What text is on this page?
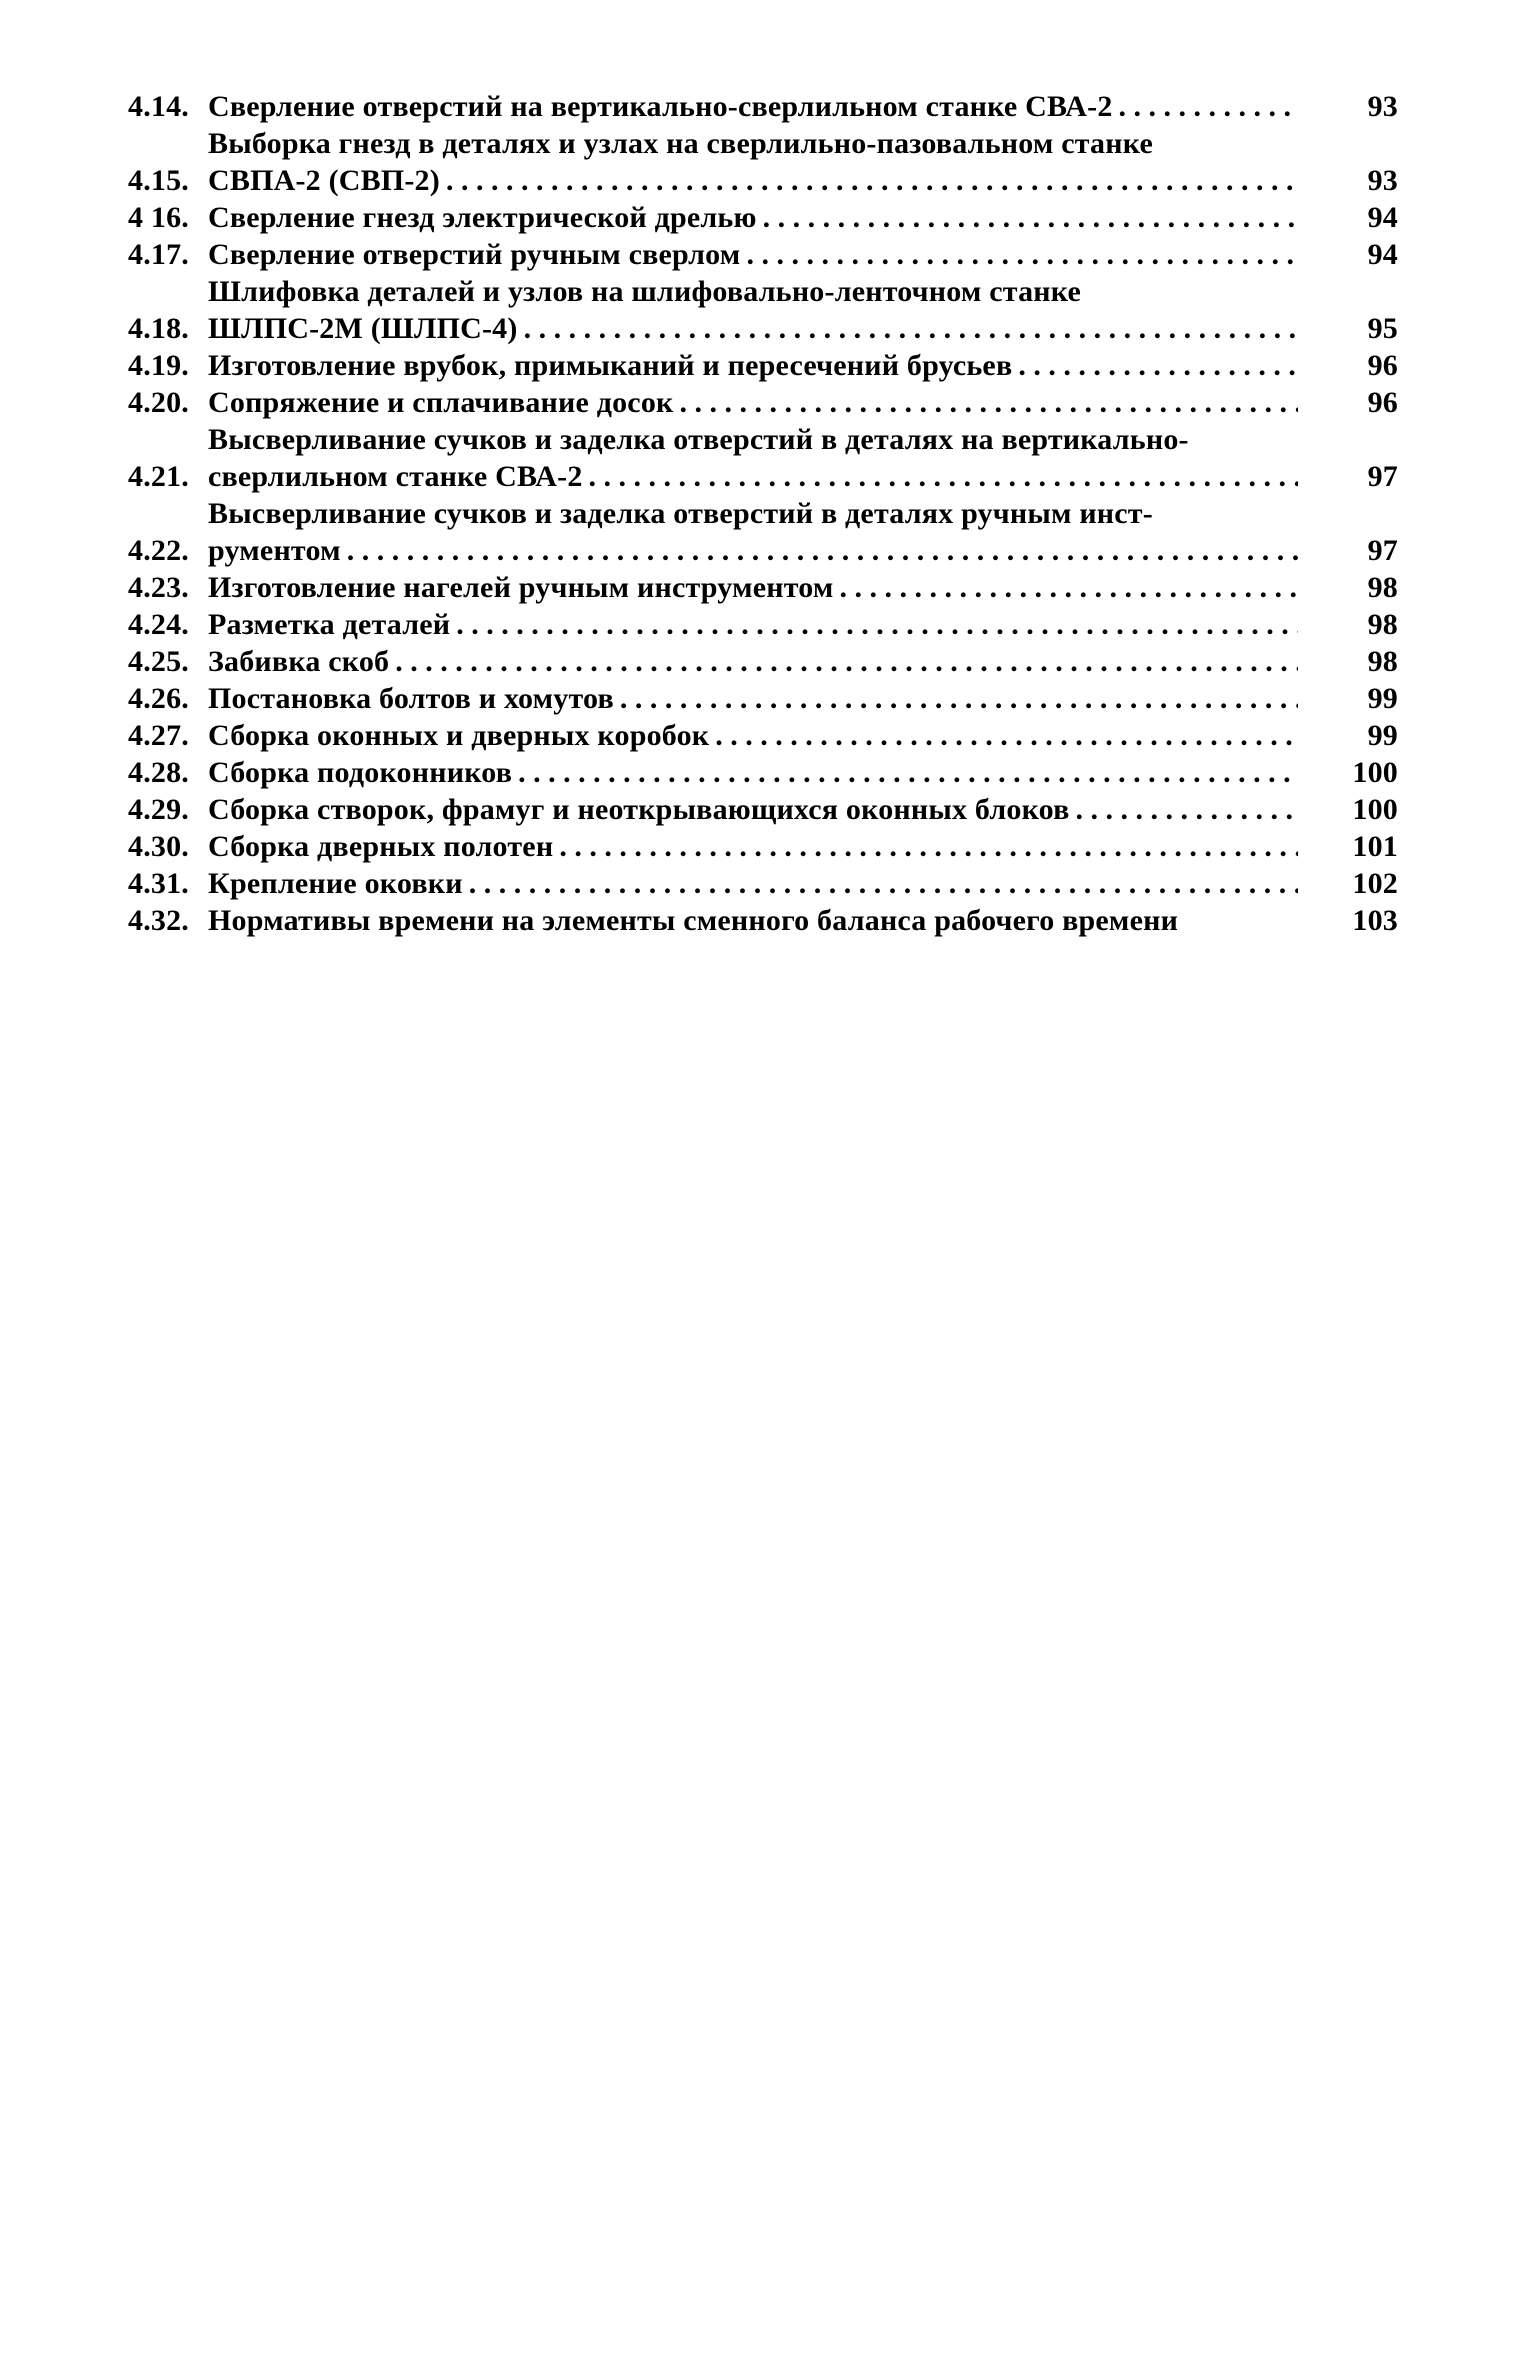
4.14. Сверление отверстий на вертикально-сверлильном станке СВА-2 . . .	93
4.15.
Выборка гнезд в деталях и узлах на сверлильно-пазовальном станке
СВПА-2 (СВП-2) . . .	93
4 16. Сверление гнезд электрической дрелью . . .	94
4.17. Сверление отверстий ручным сверлом . . .	94
4.18.
Шлифовка деталей и узлов на шлифовально-ленточном станке
ШЛПС-2М (ШЛПС-4) . . .	95
4.19. Изготовление врубок, примыканий и пересечений брусьев . . .	96
4.20. Сопряжение и сплачивание досок . . .	96
4.21.
Высверливание сучков и заделка отверстий в деталях на вертикально-
сверлильном станке СВА-2 . . .	97
4.22.
Высверливание сучков и заделка отверстий в деталях ручным инст-
рументом . . .	97
4.23. Изготовление нагелей ручным инструментом . . .	98
4.24. Разметка деталей . . .	98
4.25. Забивка скоб . . .	98
4.26. Постановка болтов и хомутов . . .	99
4.27. Сборка оконных и дверных коробок . . .	99
4.28. Сборка подоконников . . .	100
4.29. Сборка створок, фрамуг и неоткрывающихся оконных блоков . . .	100
4.30. Сборка дверных полотен . . .	101
4.31. Крепление оковки . . .	102
4.32. Нормативы времени на элементы сменного баланса рабочего времени	103
